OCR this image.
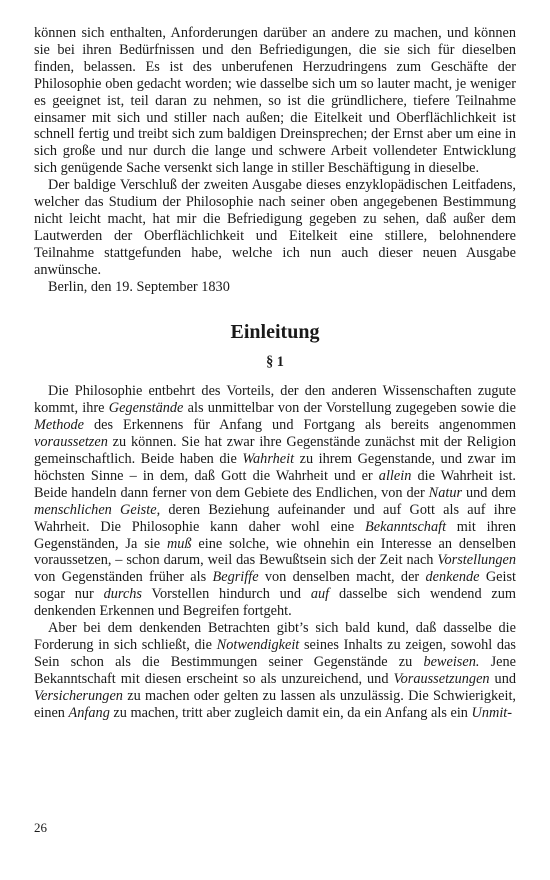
können sich enthalten, Anforderungen darüber an andere zu machen, und können sie bei ihren Bedürfnissen und den Befriedigungen, die sie sich für dieselben finden, belassen. Es ist des unberufenen Herzudringens zum Geschäfte der Philosophie oben gedacht worden; wie dasselbe sich um so lauter macht, je weniger es geeignet ist, teil daran zu nehmen, so ist die gründlichere, tiefere Teilnahme einsamer mit sich und stiller nach außen; die Eitelkeit und Oberflächlichkeit ist schnell fertig und treibt sich zum baldigen Dreinsprechen; der Ernst aber um eine in sich große und nur durch die lange und schwere Arbeit vollendeter Entwicklung sich genügende Sache versenkt sich lange in stiller Beschäftigung in dieselbe.

Der baldige Verschluß der zweiten Ausgabe dieses enzyklopädischen Leitfadens, welcher das Studium der Philosophie nach seiner oben angegebenen Bestimmung nicht leicht macht, hat mir die Befriedigung gegeben zu sehen, daß außer dem Lautwerden der Oberflächlichkeit und Eitelkeit eine stillere, belohnendere Teilnahme stattgefunden habe, welche ich nun auch dieser neuen Ausgabe anwünsche.

Berlin, den 19. September 1830

Einleitung
§ 1

Die Philosophie entbehrt des Vorteils, der den anderen Wissenschaften zugute kommt, ihre Gegenstände als unmittelbar von der Vorstellung zugegeben sowie die Methode des Erkennens für Anfang und Fortgang als bereits angenommen voraussetzen zu können. Sie hat zwar ihre Gegenstände zunächst mit der Religion gemeinschaftlich. Beide haben die Wahrheit zu ihrem Gegenstande, und zwar im höchsten Sinne – in dem, daß Gott die Wahrheit und er allein die Wahrheit ist. Beide handeln dann ferner von dem Gebiete des Endlichen, von der Natur und dem menschlichen Geiste, deren Beziehung aufeinander und auf Gott als auf ihre Wahrheit. Die Philosophie kann daher wohl eine Bekanntschaft mit ihren Gegenständen, Ja sie muß eine solche, wie ohnehin ein Interesse an denselben voraussetzen, – schon darum, weil das Bewußtsein sich der Zeit nach Vorstellungen von Gegenständen früher als Begriffe von denselben macht, der denkende Geist sogar nur durchs Vorstellen hindurch und auf dasselbe sich wendend zum denkenden Erkennen und Begreifen fortgeht.

Aber bei dem denkenden Betrachten gibt’s sich bald kund, daß dasselbe die Forderung in sich schließt, die Notwendigkeit seines Inhalts zu zeigen, sowohl das Sein schon als die Bestimmungen seiner Gegenstände zu beweisen. Jene Bekanntschaft mit diesen erscheint so als unzureichend, und Voraussetzungen und Versicherungen zu machen oder gelten zu lassen als unzulässig. Die Schwierigkeit, einen Anfang zu machen, tritt aber zugleich damit ein, da ein Anfang als ein Unmit-

26
